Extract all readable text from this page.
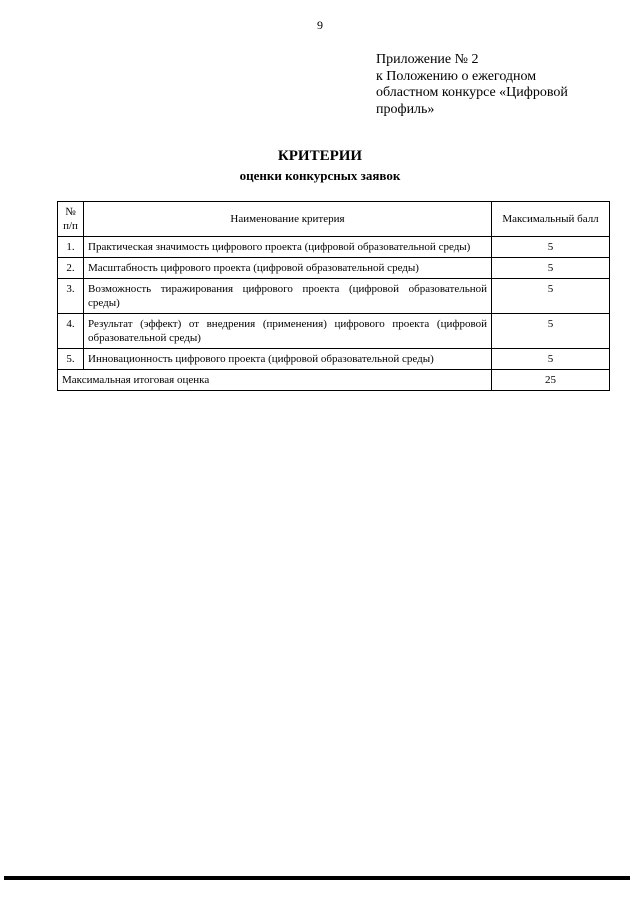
9
Приложение № 2
к Положению о ежегодном
областном конкурсе «Цифровой
профиль»
КРИТЕРИИ
оценки конкурсных заявок
№ п/п	Наименование критерия	Максимальный балл
1.	Практическая значимость цифрового проекта (цифровой образовательной среды)	5
2.	Масштабность цифрового проекта (цифровой образовательной среды)	5
3.	Возможность тиражирования цифрового проекта (цифровой образовательной среды)	5
4.	Результат (эффект) от внедрения (применения) цифрового проекта (цифровой образовательной среды)	5
5.	Инновационность цифрового проекта (цифровой образовательной среды)	5
Максимальная итоговая оценка		25
